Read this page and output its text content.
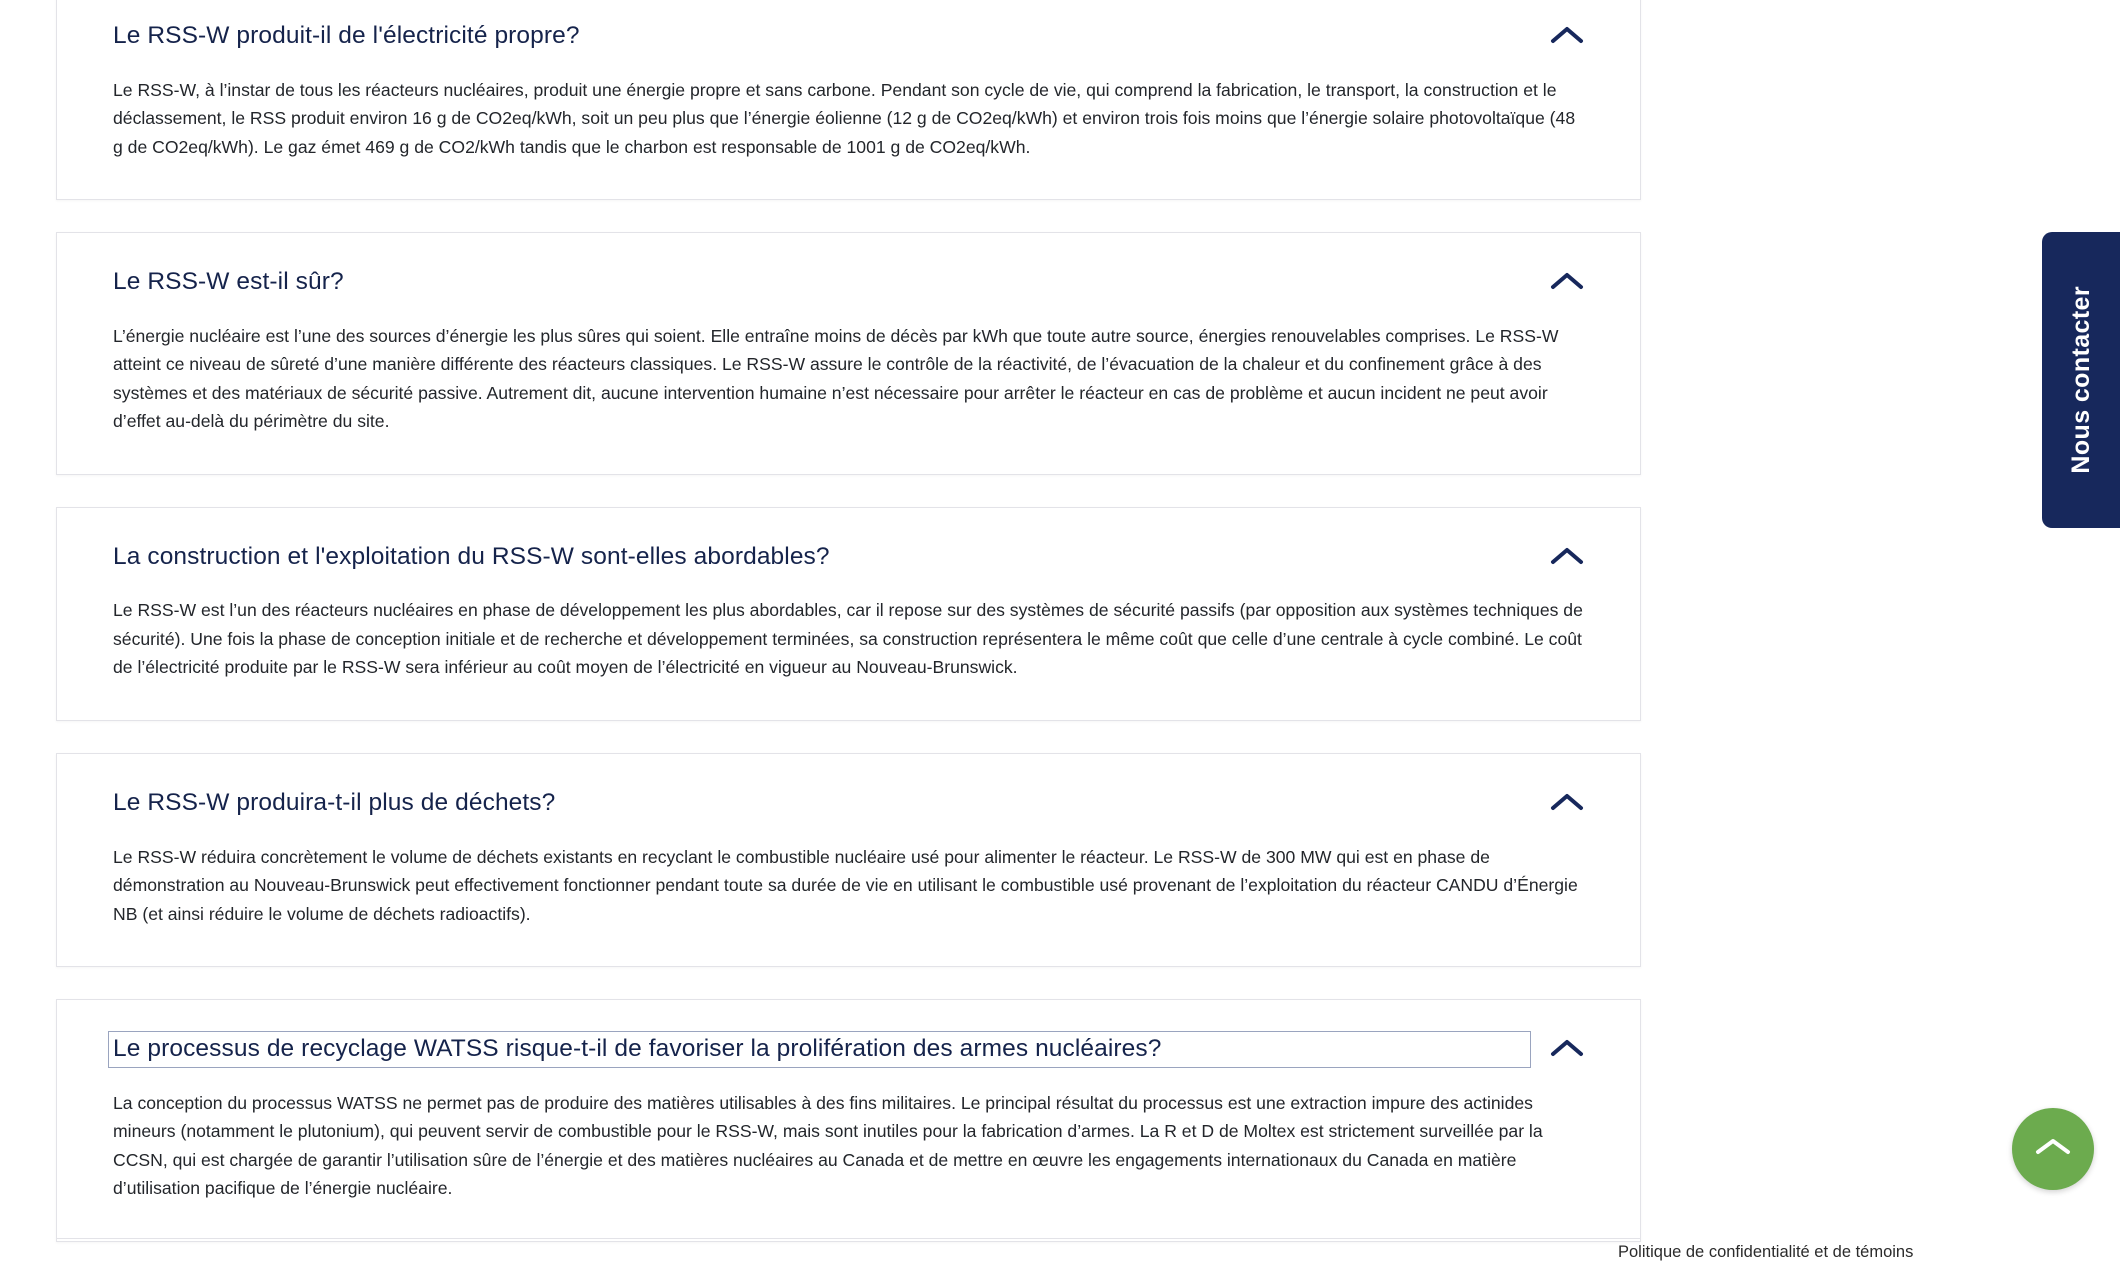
Le RSS-W produit-il de l'électricité propre?
Le RSS-W, à l’instar de tous les réacteurs nucléaires, produit une énergie propre et sans carbone. Pendant son cycle de vie, qui comprend la fabrication, le transport, la construction et le déclassement, le RSS produit environ 16 g de CO2eq/kWh, soit un peu plus que l’énergie éolienne (12 g de CO2eq/kWh) et environ trois fois moins que l’énergie solaire photovoltaïque (48 g de CO2eq/kWh). Le gaz émet 469 g de CO2/kWh tandis que le charbon est responsable de 1001 g de CO2eq/kWh.
Le RSS-W est-il sûr?
L’énergie nucléaire est l’une des sources d’énergie les plus sûres qui soient. Elle entraîne moins de décès par kWh que toute autre source, énergies renouvelables comprises. Le RSS-W atteint ce niveau de sûreté d’une manière différente des réacteurs classiques. Le RSS-W assure le contrôle de la réactivité, de l’évacuation de la chaleur et du confinement grâce à des systèmes et des matériaux de sécurité passive. Autrement dit, aucune intervention humaine n’est nécessaire pour arrêter le réacteur en cas de problème et aucun incident ne peut avoir d’effet au-delà du périmètre du site.
La construction et l'exploitation du RSS-W sont-elles abordables?
Le RSS-W est l’un des réacteurs nucléaires en phase de développement les plus abordables, car il repose sur des systèmes de sécurité passifs (par opposition aux systèmes techniques de sécurité). Une fois la phase de conception initiale et de recherche et développement terminées, sa construction représentera le même coût que celle d’une centrale à cycle combiné. Le coût de l’électricité produite par le RSS-W sera inférieur au coût moyen de l’électricité en vigueur au Nouveau-Brunswick.
Le RSS-W produira-t-il plus de déchets?
Le RSS-W réduira concrètement le volume de déchets existants en recyclant le combustible nucléaire usé pour alimenter le réacteur. Le RSS-W de 300 MW qui est en phase de démonstration au Nouveau-Brunswick peut effectivement fonctionner pendant toute sa durée de vie en utilisant le combustible usé provenant de l’exploitation du réacteur CANDU d’Énergie NB (et ainsi réduire le volume de déchets radioactifs).
Le processus de recyclage WATSS risque-t-il de favoriser la prolifération des armes nucléaires?
La conception du processus WATSS ne permet pas de produire des matières utilisables à des fins militaires. Le principal résultat du processus est une extraction impure des actinides mineurs (notamment le plutonium), qui peuvent servir de combustible pour le RSS-W, mais sont inutiles pour la fabrication d’armes. La R et D de Moltex est strictement surveillée par la CCSN, qui est chargée de garantir l’utilisation sûre de l’énergie et des matières nucléaires au Canada et de mettre en œuvre les engagements internationaux du Canada en matière d’utilisation pacifique de l’énergie nucléaire.
Nous contacter
Politique de confidentialité et de témoins
